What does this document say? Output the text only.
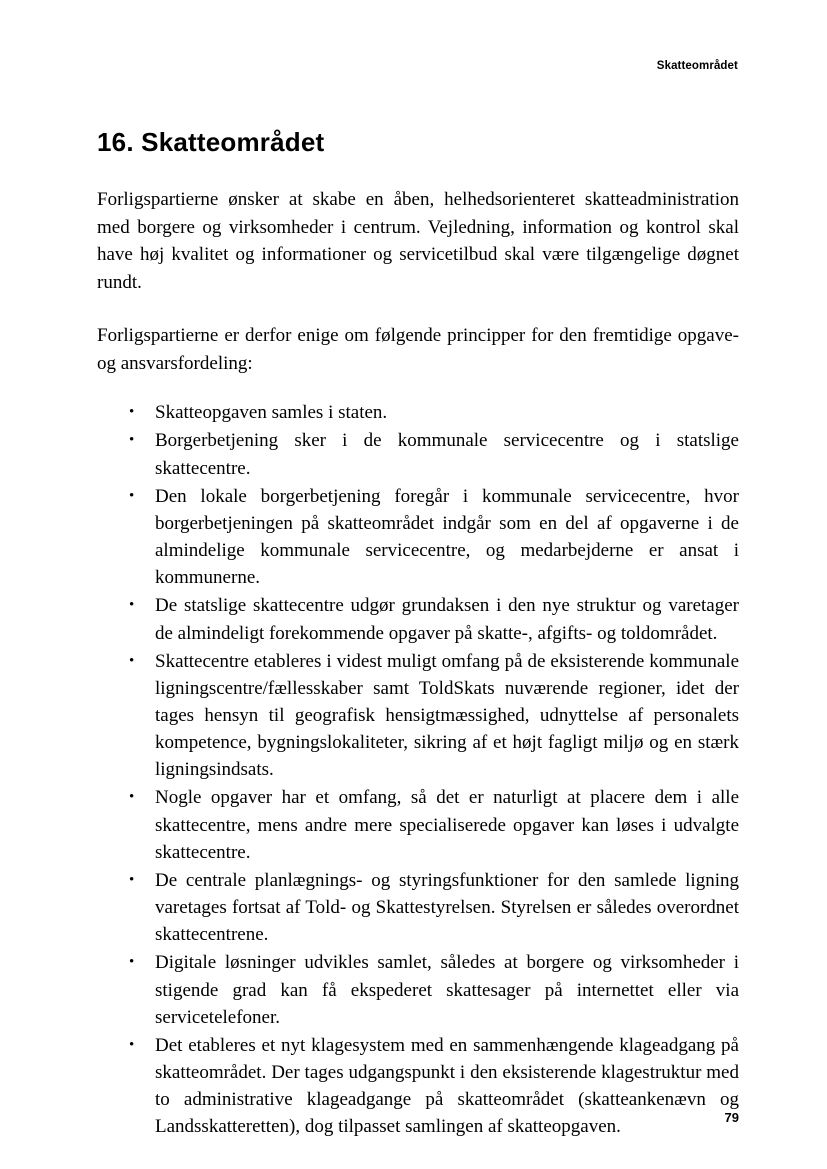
Skatteområdet
16. Skatteområdet

Forligspartierne ønsker at skabe en åben, helhedsorienteret skatteadministration med borgere og virksomheder i centrum. Vejledning, information og kontrol skal have høj kvalitet og informationer og servicetilbud skal være tilgængelige døgnet rundt.

Forligspartierne er derfor enige om følgende principper for den fremtidige opgave- og ansvarsfordeling:

• Skatteopgaven samles i staten.
• Borgerbetjening sker i de kommunale servicecentre og i statslige skattecentre.
• Den lokale borgerbetjening foregår i kommunale servicecentre, hvor borgerbetjeningen på skatteområdet indgår som en del af opgaverne i de almindelige kommunale servicecentre, og medarbejderne er ansat i kommunerne.
• De statslige skattecentre udgør grundaksen i den nye struktur og varetager de almindeligt forekommende opgaver på skatte-, afgifts- og toldområdet.
• Skattecentre etableres i videst muligt omfang på de eksisterende kommunale ligningscentre/fællesskaber samt ToldSkats nuværende regioner, idet der tages hensyn til geografisk hensigtmæssighed, udnyttelse af personalets kompetence, bygningslokaliteter, sikring af et højt fagligt miljø og en stærk ligningsindsats.
• Nogle opgaver har et omfang, så det er naturligt at placere dem i alle skattecentre, mens andre mere specialiserede opgaver kan løses i udvalgte skattecentre.
• De centrale planlægnings- og styringsfunktioner for den samlede ligning varetages fortsat af Told- og Skattestyrelsen. Styrelsen er således overordnet skattecentrene.
• Digitale løsninger udvikles samlet, således at borgere og virksomheder i stigende grad kan få ekspederet skattesager på internettet eller via servicetelefoner.
• Det etableres et nyt klagesystem med en sammenhængende klageadgang på skatteområdet. Der tages udgangspunkt i den eksisterende klagestruktur med to administrative klageadgange på skatteområdet (skatteankenævn og Landsskatteretten), dog tilpasset samlingen af skatteopgaven.	79
